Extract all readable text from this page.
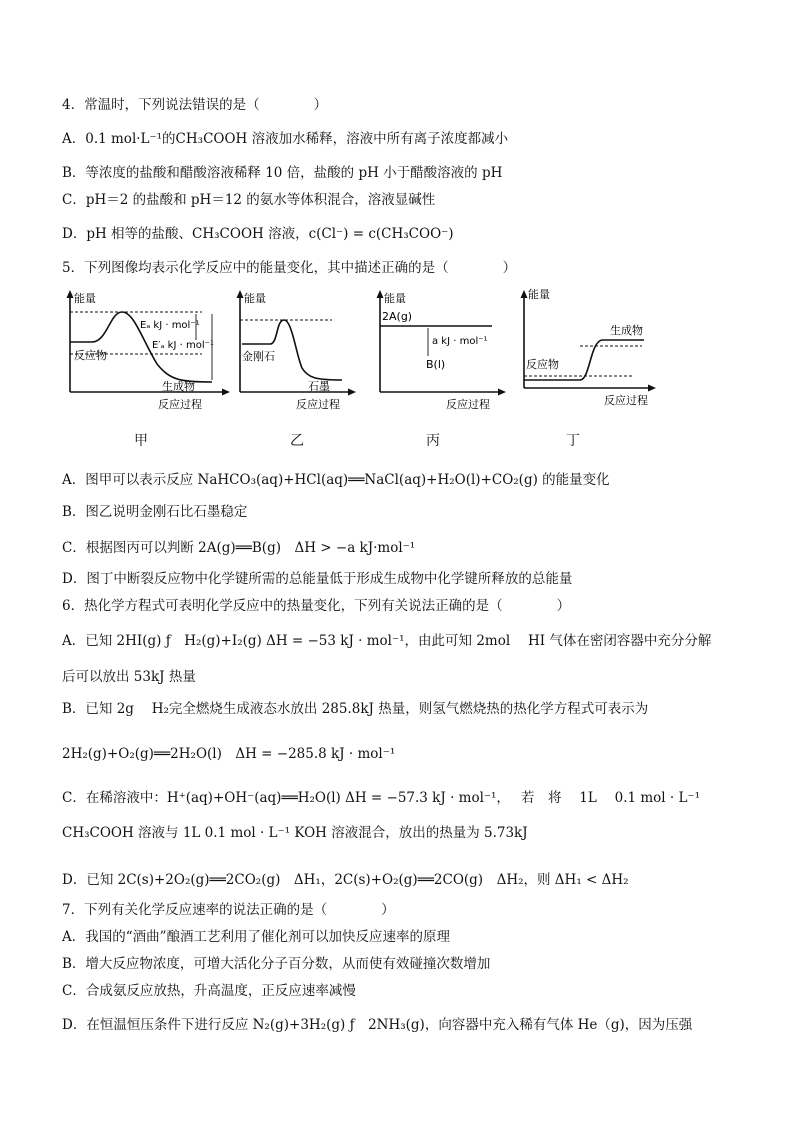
4．常温时，下列说法错误的是（　　　　）
A．0.1 mol·L⁻¹的CH₃COOH 溶液加水稀释，溶液中所有离子浓度都减小
B．等浓度的盐酸和醋酸溶液稀释 10 倍，盐酸的 pH 小于醋酸溶液的 pH
C．pH＝2 的盐酸和 pH＝12 的氨水等体积混合，溶液显碱性
D．pH 相等的盐酸、CH₃COOH 溶液，c(Cl⁻) = c(CH₃COO⁻)
5．下列图像均表示化学反应中的能量变化，其中描述正确的是（　　　　）
能量
反应过程
Eₐ kJ · mol⁻¹
E′ₐ kJ · mol⁻¹
反应物
生成物
能量
反应过程
金刚石
石墨
能量
反应过程
2A(g)
a kJ · mol⁻¹
B(l)
能量
反应过程
生成物
反应物
甲	乙	丙	丁
A．图甲可以表示反应 NaHCO₃(aq)+HCl(aq)══NaCl(aq)+H₂O(l)+CO₂(g) 的能量变化
B．图乙说明金刚石比石墨稳定
C．根据图丙可以判断 2A(g)══B(g)　ΔH > −a kJ·mol⁻¹
D．图丁中断裂反应物中化学键所需的总能量低于形成生成物中化学键所释放的总能量
6．热化学方程式可表明化学反应中的热量变化，下列有关说法正确的是（　　　　）
A．已知 2HI(g) ƒ　H₂(g)+I₂(g) ΔH = −53 kJ · mol⁻¹，由此可知 2mol　 HI 气体在密闭容器中充分分解
后可以放出 53kJ 热量
B．已知 2g　 H₂完全燃烧生成液态水放出 285.8kJ 热量，则氢气燃烧热的热化学方程式可表示为
2H₂(g)+O₂(g)══2H₂O(l)　ΔH = −285.8 kJ · mol⁻¹
C．在稀溶液中：H⁺(aq)+OH⁻(aq)══H₂O(l) ΔH = −57.3 kJ · mol⁻¹，　 若　将　 1L　 0.1 mol · L⁻¹
CH₃COOH 溶液与 1L 0.1 mol · L⁻¹ KOH 溶液混合，放出的热量为 5.73kJ
D．已知 2C(s)+2O₂(g)══2CO₂(g)　ΔH₁，2C(s)+O₂(g)══2CO(g)　ΔH₂，则 ΔH₁ < ΔH₂
7．下列有关化学反应速率的说法正确的是（　　　　）
A．我国的“酒曲”酿酒工艺利用了催化剂可以加快反应速率的原理
B．增大反应物浓度，可增大活化分子百分数，从而使有效碰撞次数增加
C．合成氨反应放热，升高温度，正反应速率减慢
D．在恒温恒压条件下进行反应 N₂(g)+3H₂(g) ƒ　2NH₃(g)，向容器中充入稀有气体 He（g)，因为压强
